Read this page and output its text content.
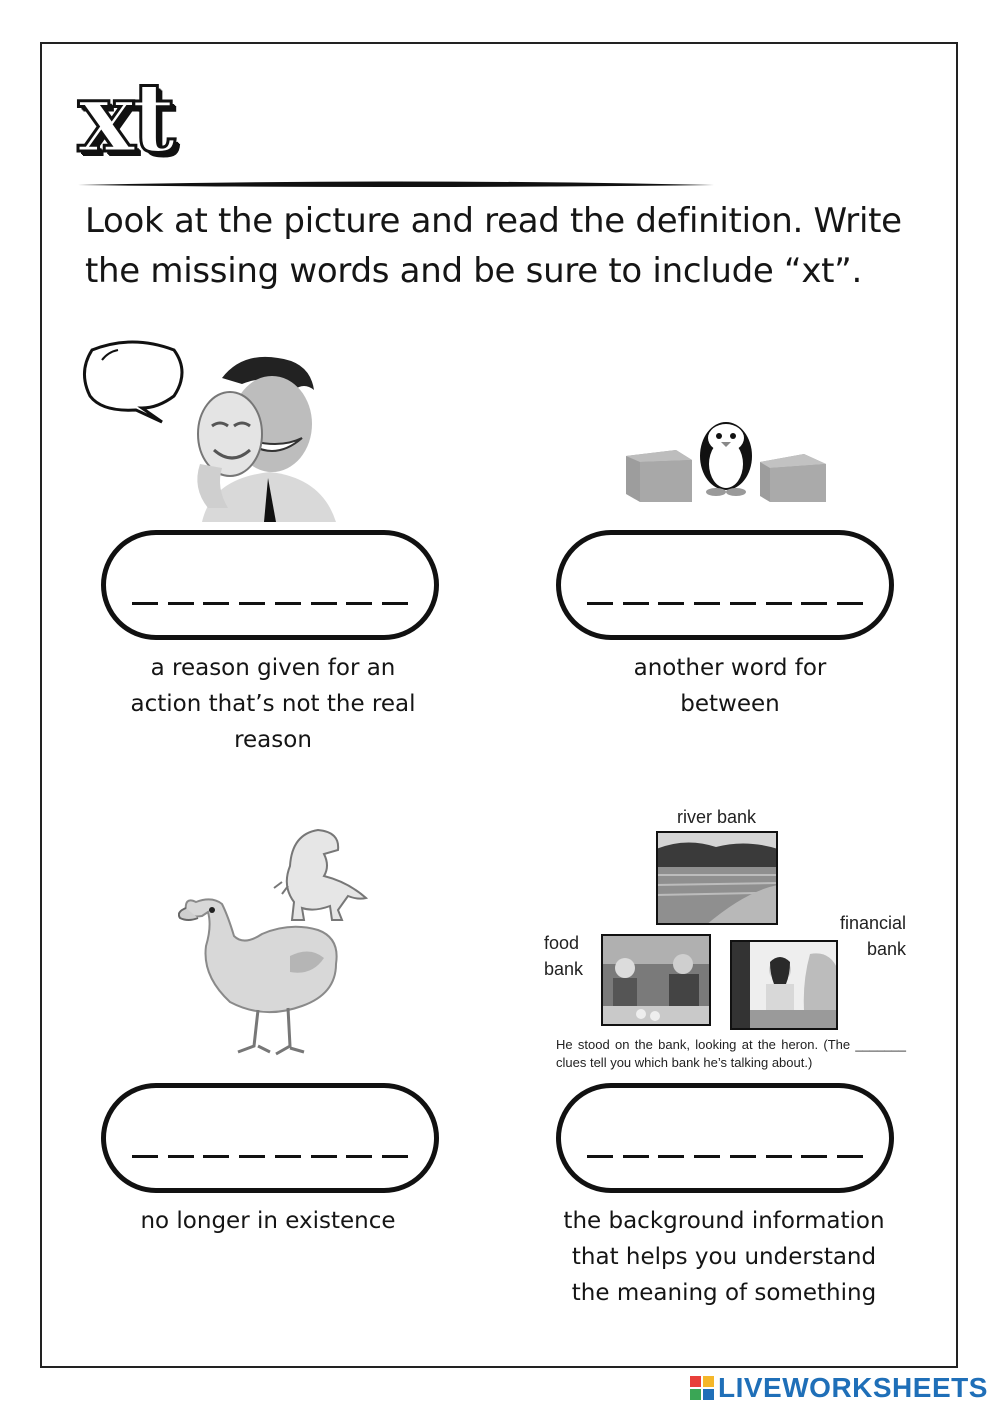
xt

Look at the picture and read the definition. Write the missing words and be sure to include “xt”.

river bank
food bank
financial bank
He stood on the bank, looking at the heron. (The _______ clues tell you which bank he’s talking about.)

a reason given for an action that’s not the real reason

another word for between

no longer in existence	the background information that helps you understand the meaning of something

LIVEWORKSHEETS
